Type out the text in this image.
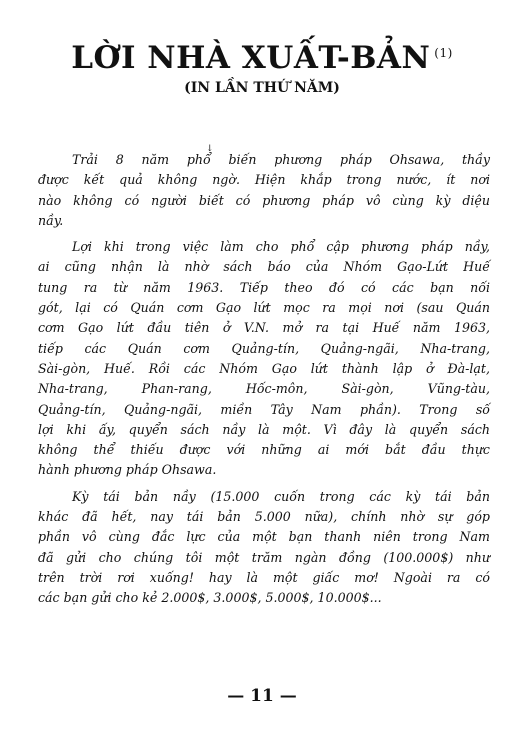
LỜI NHÀ XUẤT-BẢN $^{(1)}$
(IN LẦN THỨ NĂM)
↓

Trải 8 năm phổ biến phương pháp Ohsawa, thầy
được kết quả không ngờ. Hiện khắp trong nước, ít nơi
nào không có người biết có phương pháp vô cùng kỳ diệu
nầy.

Lợi khi trong việc làm cho phổ cập phương pháp nầy,
ai cũng nhận là nhờ sách báo của Nhóm Gạo-Lứt Huế
tung ra từ năm 1963. Tiếp theo đó có các bạn nối
gót, lại có Quán cơm Gạo lứt mọc ra mọi nơi (sau Quán
cơm Gạo lứt đầu tiên ở V.N. mở ra tại Huế năm 1963,
tiếp các Quán cơm Quảng-tín, Quảng-ngãi, Nha-trang,
Sài-gòn, Huế. Rồi các Nhóm Gạo lứt thành lập ở Đà-lạt,
Nha-trang, Phan-rang, Hốc-môn, Sài-gòn, Vũng-tàu,
Quảng-tín, Quảng-ngãi, miền Tây Nam phần). Trong số
lợi khi ấy, quyển sách nầy là một. Vì đây là quyển sách
không thể thiếu được với những ai mới bắt đầu thực
hành phương pháp Ohsawa.

Kỳ tái bản nầy (15.000 cuốn trong các kỳ tái bản
khác đã hết, nay tái bản 5.000 nữa), chính nhờ sự góp
phần vô cùng đắc lực của một bạn thanh niên trong Nam
đã gửi cho chúng tôi một trăm ngàn đồng (100.000$) như
trên trời rơi xuống! hay là một giấc mơ! Ngoài ra có
các bạn gửi cho kẻ 2.000$, 3.000$, 5.000$, 10.000$...

— 11 —
